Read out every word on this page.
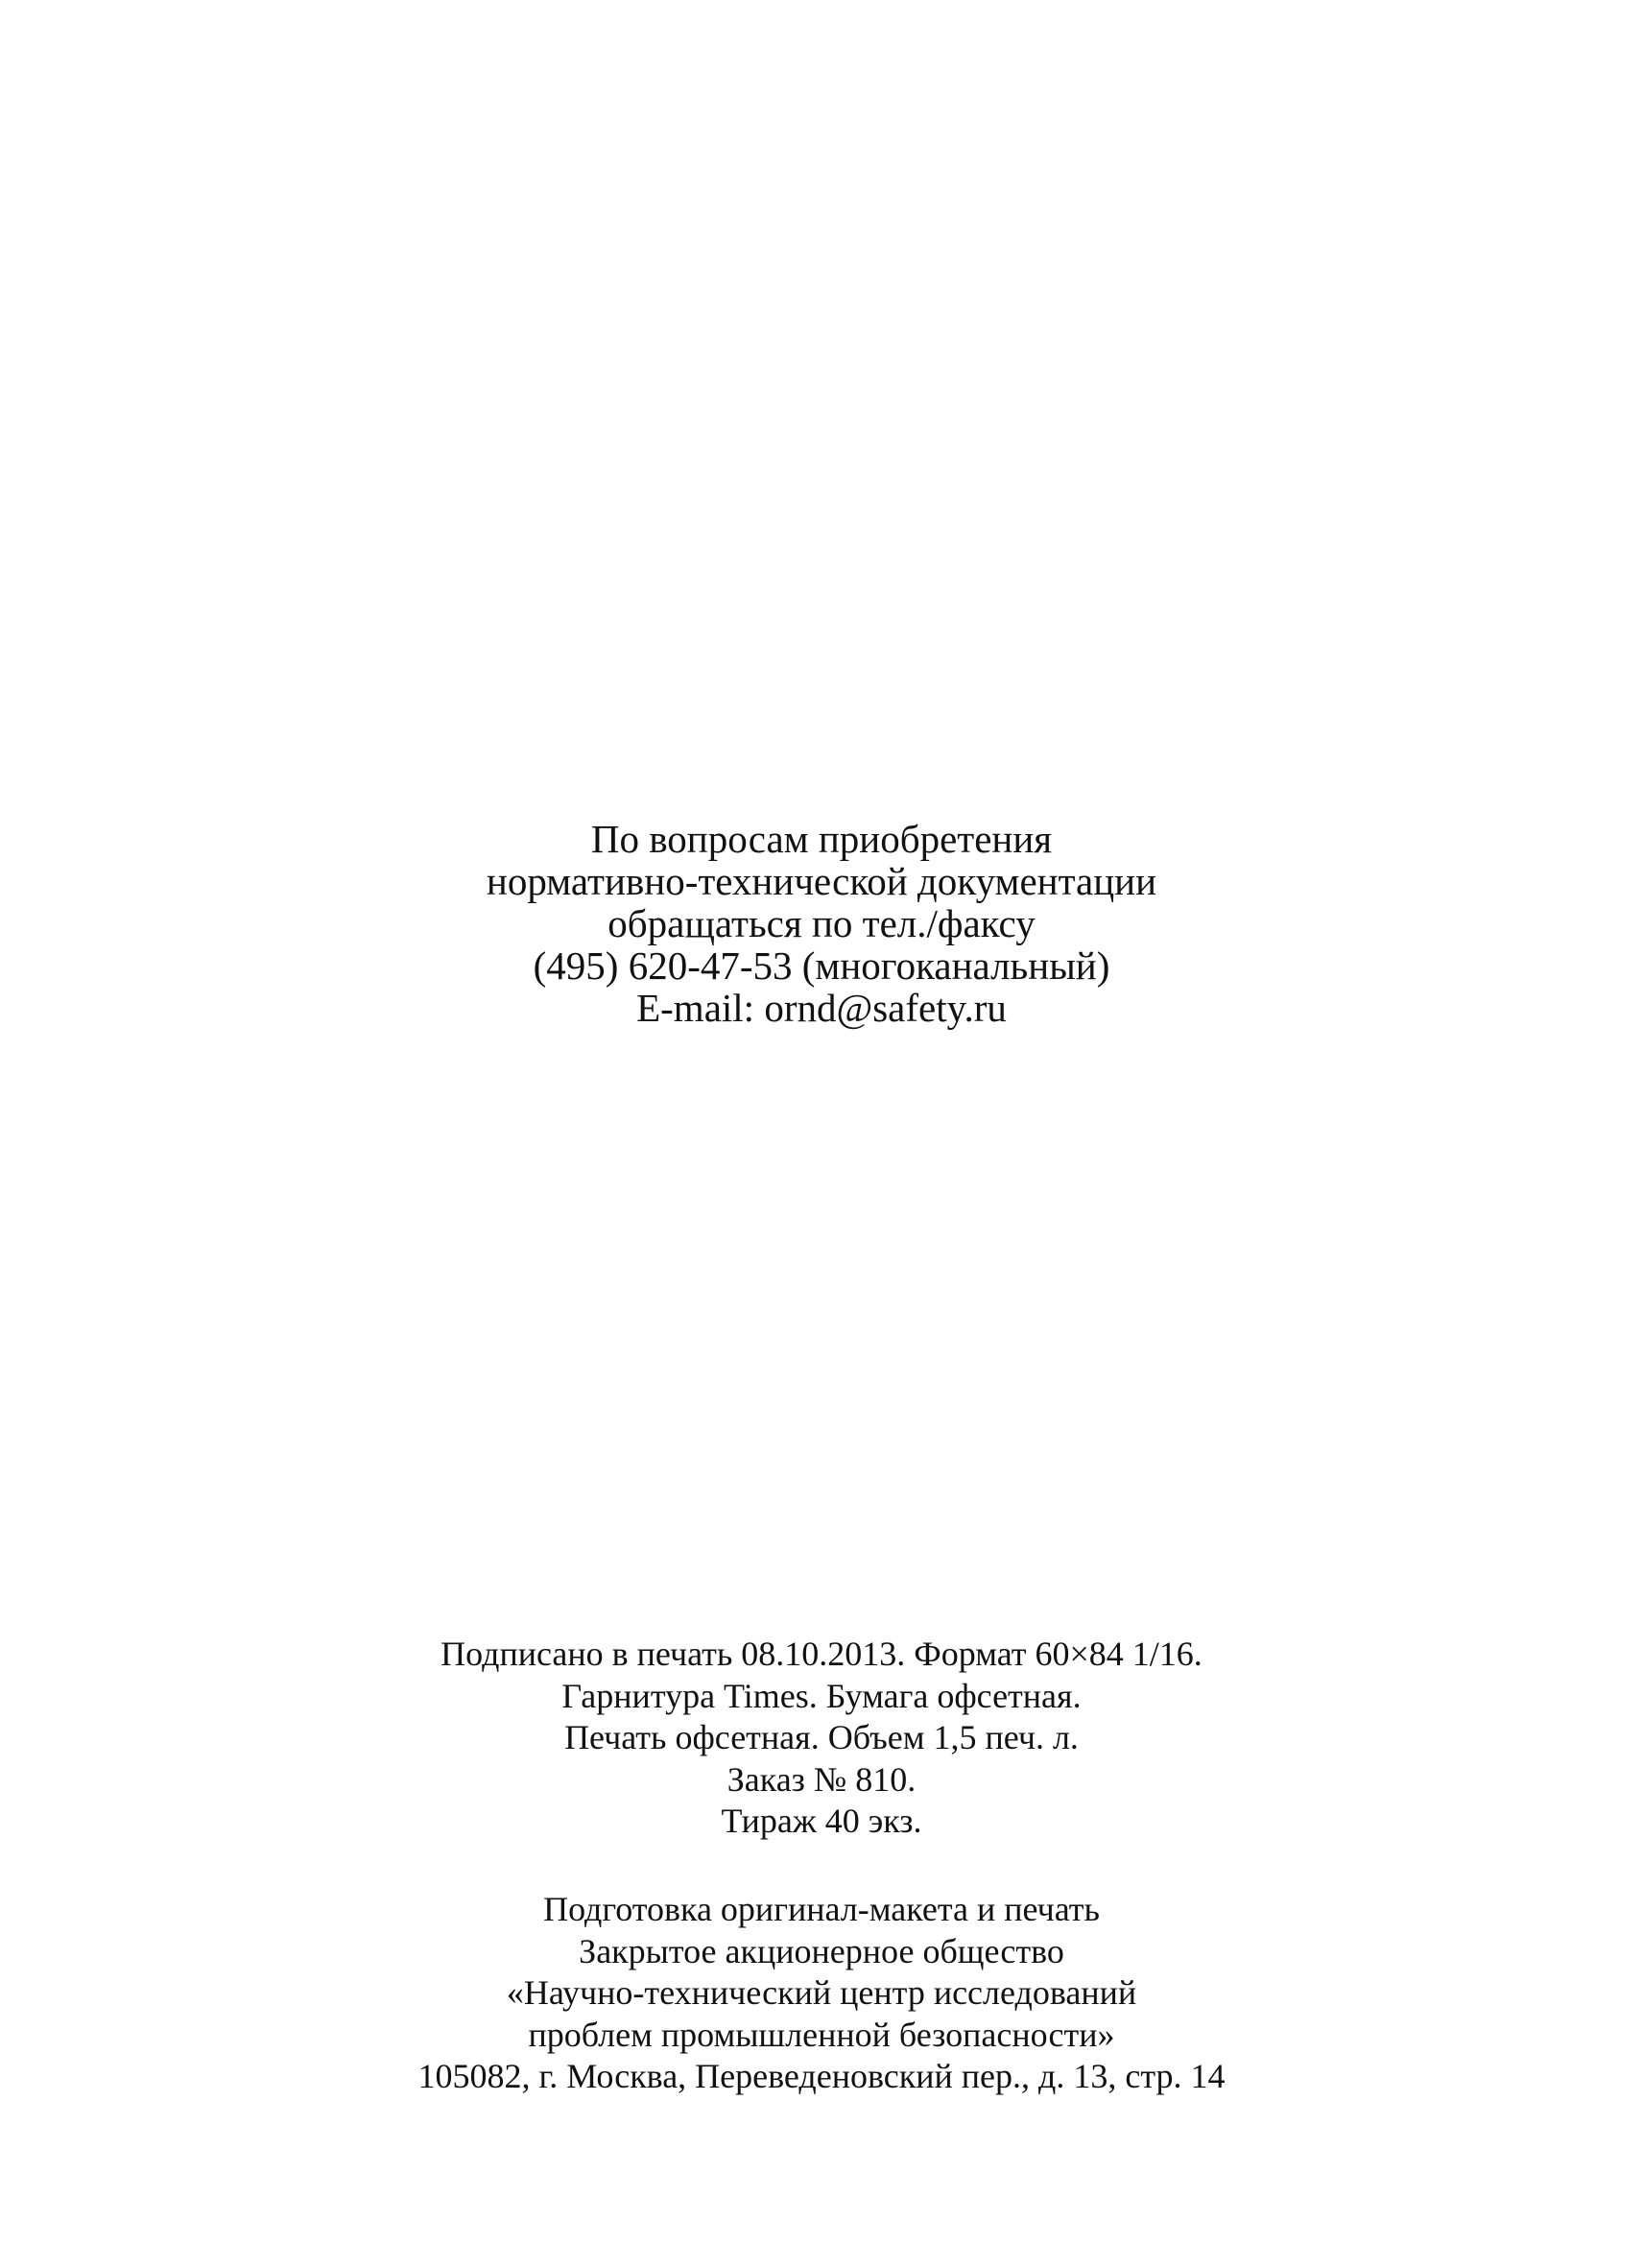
По вопросам приобретения
нормативно-технической документации
обращаться по тел./факсу
(495) 620-47-53 (многоканальный)
E-mail: ornd@safety.ru
Подписано в печать 08.10.2013. Формат 60×84 1/16.
Гарнитура Times. Бумага офсетная.
Печать офсетная. Объем 1,5 печ. л.
Заказ № 810.
Тираж 40 экз.
Подготовка оригинал-макета и печать
Закрытое акционерное общество
«Научно-технический центр исследований
проблем промышленной безопасности»
105082, г. Москва, Переведеновский пер., д. 13, стр. 14
